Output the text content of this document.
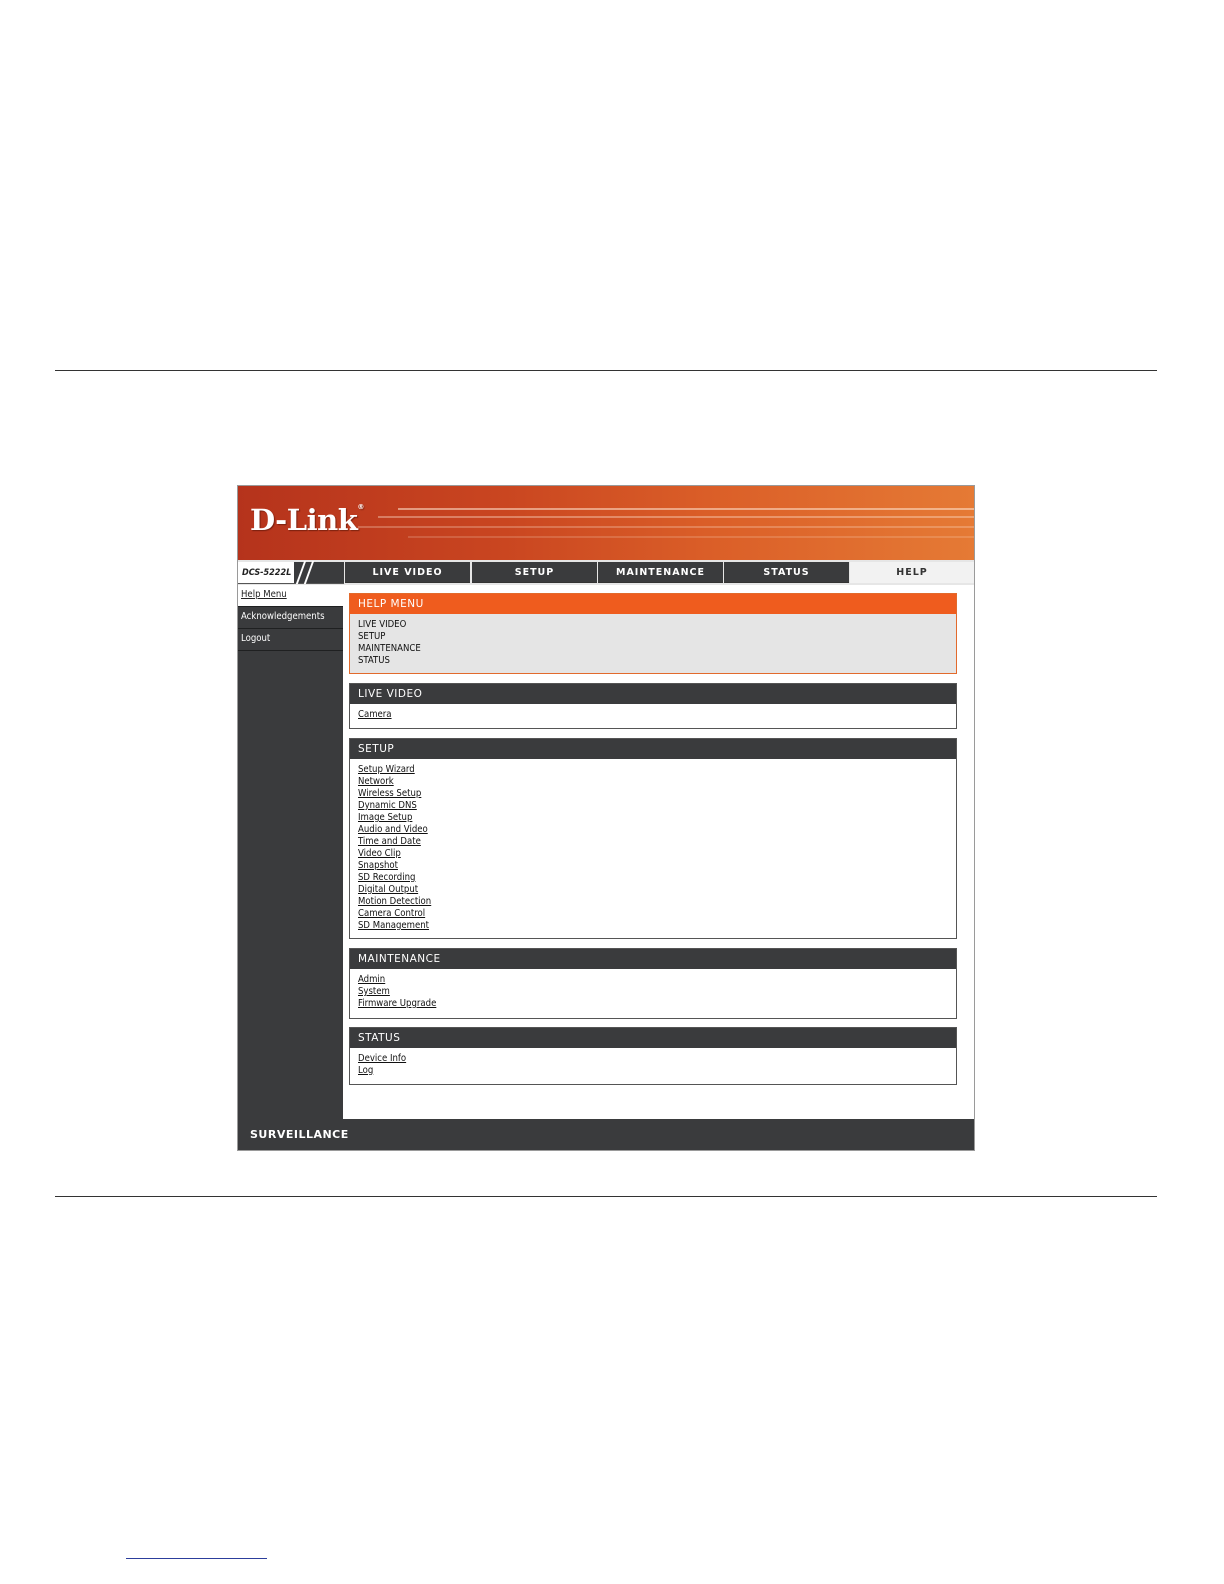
D-Link®
DCS-5222L	LIVE VIDEO	SETUP	MAINTENANCE	STATUS	HELP
Help Menu
Acknowledgements
Logout
HELP MENU
LIVE VIDEO
SETUP
MAINTENANCE
STATUS
LIVE VIDEO
Camera
SETUP
Setup Wizard
Network
Wireless Setup
Dynamic DNS
Image Setup
Audio and Video
Time and Date
Video Clip
Snapshot
SD Recording
Digital Output
Motion Detection
Camera Control
SD Management
MAINTENANCE
Admin
System
Firmware Upgrade
STATUS
Device Info
Log
SURVEILLANCE
